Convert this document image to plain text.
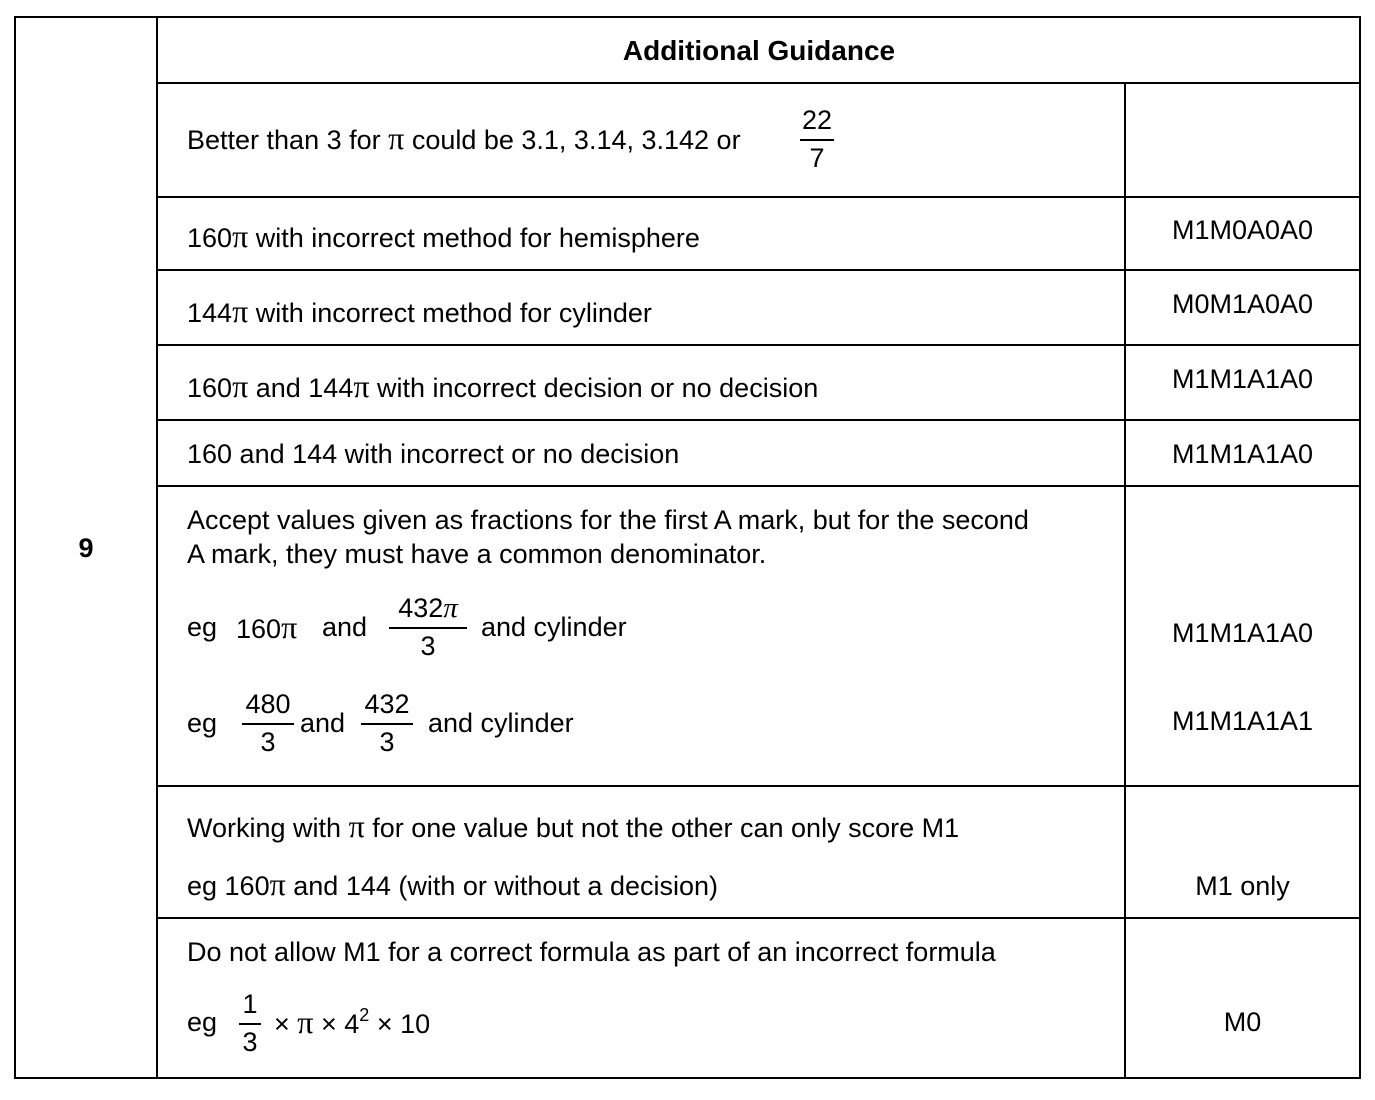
Additional Guidance
9
Better than 3 for π could be 3.1, 3.14, 3.142 or
22
7
160π with incorrect method for hemisphere	M1M0A0A0
144π with incorrect method for cylinder	M0M1A0A0
160π and 144π with incorrect decision or no decision	M1M1A1A0
160 and 144 with incorrect or no decision	M1M1A1A0
Accept values given as fractions for the first A mark, but for the second
A mark, they must have a common denominator.
eg 160π and
432π
3
and cylinder	M1M1A1A0
eg
480
3
and
432
3
and cylinder	M1M1A1A1
Working with π for one value but not the other can only score M1
eg 160π and 144 (with or without a decision)	M1 only
Do not allow M1 for a correct formula as part of an incorrect formula
eg
1
3
× $\pi \times 4^2 \times 10$	M0
